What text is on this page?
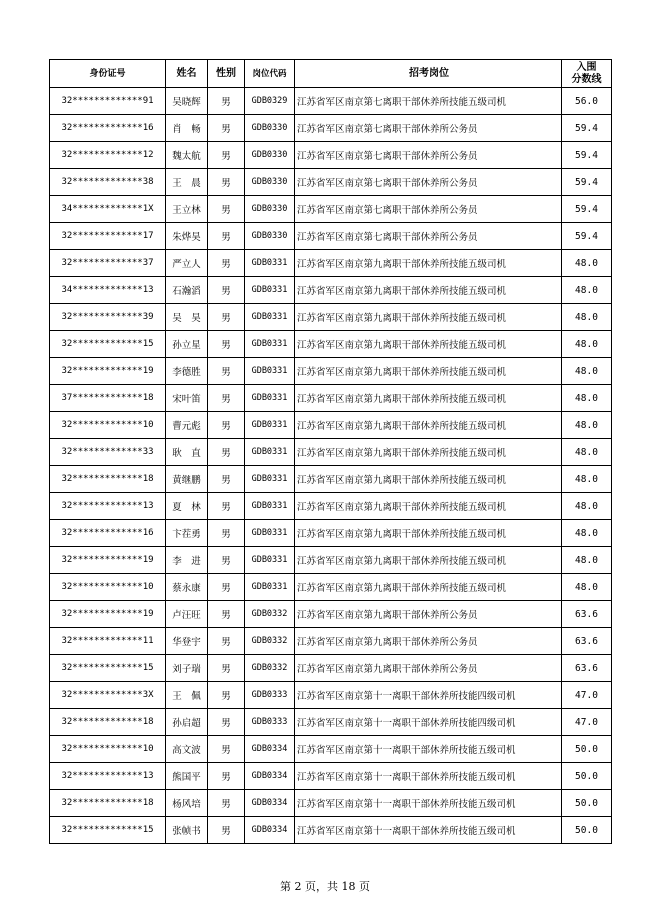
身份证号	姓名	性别	岗位代码	招考岗位	入围
分数线
32*************91	吴晓辉	男	GDB0329	江苏省军区南京第七离职干部休养所技能五级司机	56.0
32*************16	肖　畅	男	GDB0330	江苏省军区南京第七离职干部休养所公务员	59.4
32*************12	魏太航	男	GDB0330	江苏省军区南京第七离职干部休养所公务员	59.4
32*************38	王　晨	男	GDB0330	江苏省军区南京第七离职干部休养所公务员	59.4
34*************1X	王立林	男	GDB0330	江苏省军区南京第七离职干部休养所公务员	59.4
32*************17	朱烨昊	男	GDB0330	江苏省军区南京第七离职干部休养所公务员	59.4
32*************37	严立人	男	GDB0331	江苏省军区南京第九离职干部休养所技能五级司机	48.0
34*************13	石瀚滔	男	GDB0331	江苏省军区南京第九离职干部休养所技能五级司机	48.0
32*************39	吴　昊	男	GDB0331	江苏省军区南京第九离职干部休养所技能五级司机	48.0
32*************15	孙立星	男	GDB0331	江苏省军区南京第九离职干部休养所技能五级司机	48.0
32*************19	李德胜	男	GDB0331	江苏省军区南京第九离职干部休养所技能五级司机	48.0
37*************18	宋叶笛	男	GDB0331	江苏省军区南京第九离职干部休养所技能五级司机	48.0
32*************10	曹元彪	男	GDB0331	江苏省军区南京第九离职干部休养所技能五级司机	48.0
32*************33	耿　直	男	GDB0331	江苏省军区南京第九离职干部休养所技能五级司机	48.0
32*************18	黄继鹏	男	GDB0331	江苏省军区南京第九离职干部休养所技能五级司机	48.0
32*************13	夏　林	男	GDB0331	江苏省军区南京第九离职干部休养所技能五级司机	48.0
32*************16	卞茬勇	男	GDB0331	江苏省军区南京第九离职干部休养所技能五级司机	48.0
32*************19	李　进	男	GDB0331	江苏省军区南京第九离职干部休养所技能五级司机	48.0
32*************10	蔡永康	男	GDB0331	江苏省军区南京第九离职干部休养所技能五级司机	48.0
32*************19	卢汪旺	男	GDB0332	江苏省军区南京第九离职干部休养所公务员	63.6
32*************11	华登宇	男	GDB0332	江苏省军区南京第九离职干部休养所公务员	63.6
32*************15	刘子瑞	男	GDB0332	江苏省军区南京第九离职干部休养所公务员	63.6
32*************3X	王　佩	男	GDB0333	江苏省军区南京第十一离职干部休养所技能四级司机	47.0
32*************18	孙启超	男	GDB0333	江苏省军区南京第十一离职干部休养所技能四级司机	47.0
32*************10	高文波	男	GDB0334	江苏省军区南京第十一离职干部休养所技能五级司机	50.0
32*************13	熊国平	男	GDB0334	江苏省军区南京第十一离职干部休养所技能五级司机	50.0
32*************18	杨风培	男	GDB0334	江苏省军区南京第十一离职干部休养所技能五级司机	50.0
32*************15	张帧书	男	GDB0334	江苏省军区南京第十一离职干部休养所技能五级司机	50.0
第 2 页，共 18 页
